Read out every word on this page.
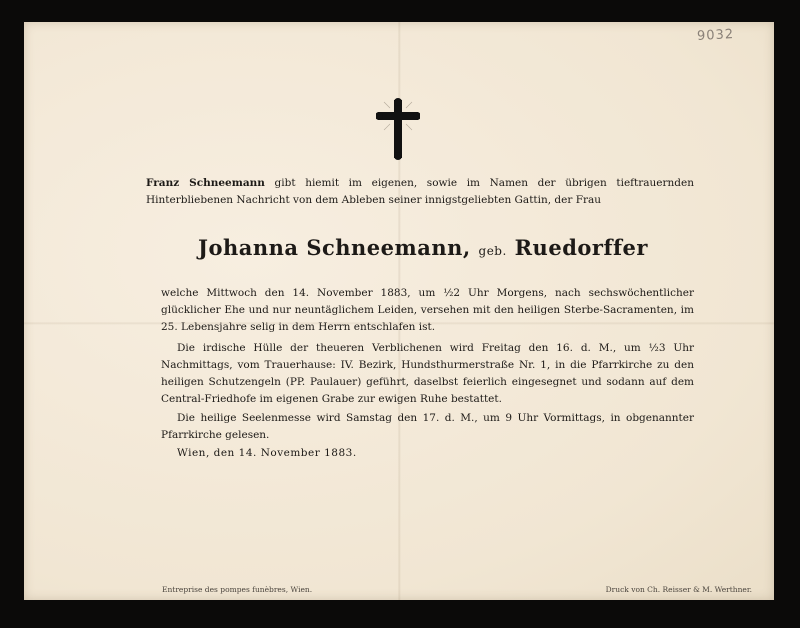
9032
Franz Schneemann gibt hiemit im eigenen, sowie im Namen der übrigen tieftrauernden Hinterbliebenen Nachricht von dem Ableben seiner innigstgeliebten Gattin, der Frau
Johanna Schneemann, geb. Ruedorffer
welche Mittwoch den 14. November 1883, um ½2 Uhr Morgens, nach sechswöchentlicher glücklicher Ehe und nur neuntäglichem Leiden, versehen mit den heiligen Sterbe-Sacramenten, im 25. Lebensjahre selig in dem Herrn entschlafen ist.
Die irdische Hülle der theueren Verblichenen wird Freitag den 16. d. M., um ½3 Uhr Nachmittags, vom Trauerhause: IV. Bezirk, Hundsthurmerstraße Nr. 1, in die Pfarrkirche zu den heiligen Schutzengeln (PP. Paulauer) geführt, daselbst feierlich eingesegnet und sodann auf dem Central-Friedhofe im eigenen Grabe zur ewigen Ruhe bestattet.
Die heilige Seelenmesse wird Samstag den 17. d. M., um 9 Uhr Vormittags, in obgenannter Pfarrkirche gelesen.
Wien, den 14. November 1883.
Entreprise des pompes funèbres, Wien.	Druck von Ch. Reisser & M. Werthner.
